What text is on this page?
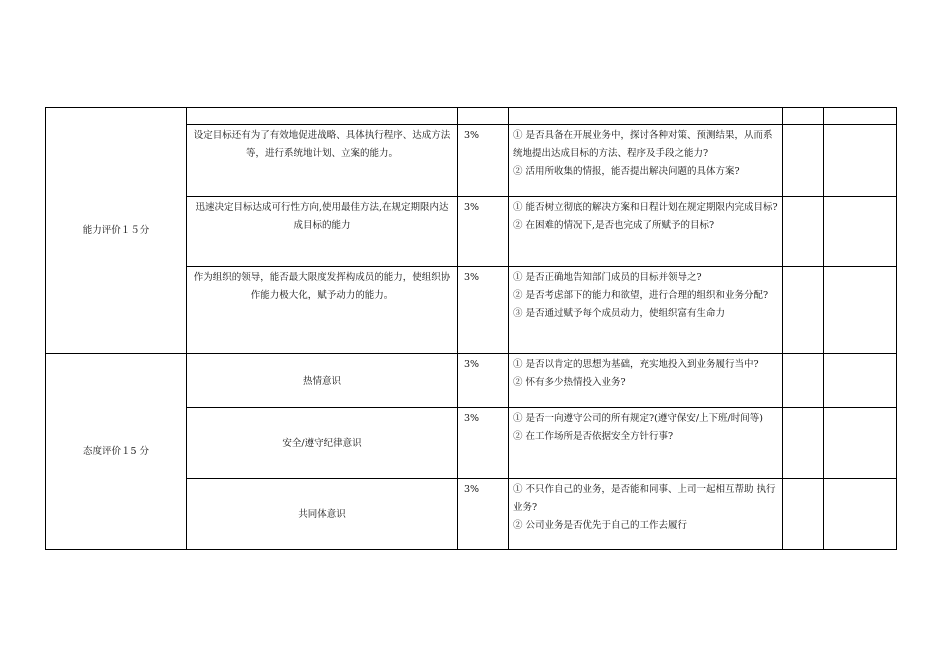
能力评价１５分					
	设定目标还有为了有效地促进战略、具体执行程序、达成方法等，进行系统地计划、立案的能力。	3%	① 是否具备在开展业务中，探讨各种对策、预测结果，从而系统地提出达成目标的方法、程序及手段之能力?
② 活用所收集的情报，能否提出解决问题的具体方案?		

	迅速决定目标达成可行性方向,使用最佳方法,在规定期限内达成目标的能力	3%	① 能否树立彻底的解决方案和日程计划在规定期限内完成目标?
② 在困难的情况下,是否也完成了所赋予的目标?		

	作为组织的领导，能否最大限度发挥构成员的能力，使组织协作能力极大化，赋予动力的能力。	3%	① 是否正确地告知部门成员的目标并领导之?
② 是否考虑部下的能力和欲望，进行合理的组织和业务分配?
③ 是否通过赋予每个成员动力，使组织富有生命力		

态度评价１5 分	热情意识	3%	① 是否以肯定的思想为基础，充实地投入到业务履行当中?
② 怀有多少热情投入业务?		

	安全/遵守纪律意识	3%	① 是否一向遵守公司的所有规定?(遵守保安/上下班/时间等)
② 在工作场所是否依据安全方针行事?		

	共同体意识	3%	① 不只作自己的业务，是否能和同事、上司一起相互帮助 执行业务?
② 公司业务是否优先于自己的工作去履行		
